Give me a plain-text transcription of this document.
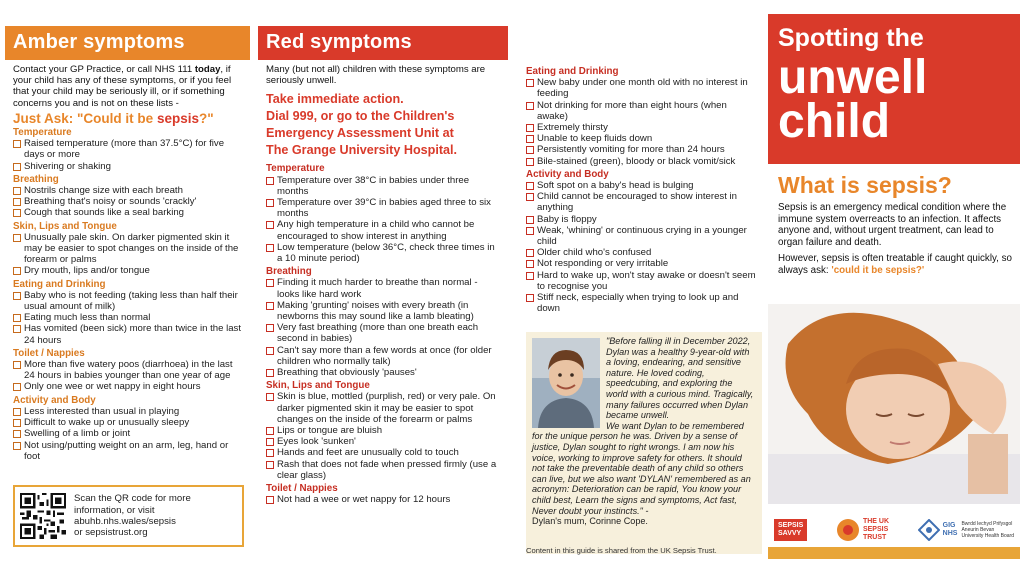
Amber symptoms

Contact your GP Practice, or call NHS 111 today, if your child has any of these symptoms, or if you feel that your child may be seriously ill, or if something concerns you and is not on these lists -

Just Ask: "Could it be sepsis?"
Temperature
Raised temperature (more than 37.5°C) for five days or more
Shivering or shaking
Breathing
Nostrils change size with each breath
Breathing that's noisy or sounds 'crackly'
Cough that sounds like a seal barking
Skin, Lips and Tongue
Unusually pale skin. On darker pigmented skin it may be easier to spot changes on the inside of the forearm or palms
Dry mouth, lips and/or tongue
Eating and Drinking
Baby who is not feeding (taking less than half their usual amount of milk)
Eating much less than normal
Has vomited (been sick) more than twice in the last 24 hours
Toilet / Nappies
More than five watery poos (diarrhoea) in the last 24 hours in babies younger than one year of age
Only one wee or wet nappy in eight hours
Activity and Body
Less interested than usual in playing
Difficult to wake up or unusually sleepy
Swelling of a limb or joint
Not using/putting weight on an arm, leg, hand or foot
Scan the QR code for more
information, or visit
abuhb.nhs.wales/sepsis
or sepsistrust.org
Red symptoms

Many (but not all) children with these symptoms are seriously unwell.

Take immediate action.
Dial 999, or go to the Children's
Emergency Assessment Unit at
The Grange University Hospital.
Temperature
Temperature over 38°C in babies under three months
Temperature over 39°C in babies aged three to six months
Any high temperature in a child who cannot be encouraged to show interest in anything
Low temperature (below 36°C, check three times in a 10 minute period)
Breathing
Finding it much harder to breathe than normal - looks like hard work
Making 'grunting' noises with every breath (in newborns this may sound like a lamb bleating)
Very fast breathing (more than one breath each second in babies)
Can't say more than a few words at once (for older children who normally talk)
Breathing that obviously 'pauses'
Skin, Lips and Tongue
Skin is blue, mottled (purplish, red) or very pale. On darker pigmented skin it may be easier to spot changes on the inside of the forearm or palms
Lips or tongue are bluish
Eyes look 'sunken'
Hands and feet are unusually cold to touch
Rash that does not fade when pressed firmly (use a clear glass)
Toilet / Nappies
Not had a wee or wet nappy for 12 hours
Eating and Drinking
New baby under one month old with no interest in feeding
Not drinking for more than eight hours (when awake)
Extremely thirsty
Unable to keep fluids down
Persistently vomiting for more than 24 hours
Bile-stained (green), bloody or black vomit/sick
Activity and Body
Soft spot on a baby's head is bulging
Child cannot be encouraged to show interest in anything
Baby is floppy
Weak, 'whining' or continuous crying in a younger child
Older child who's confused
Not responding or very irritable
Hard to wake up, won't stay awake or doesn't seem to recognise you
Stiff neck, especially when trying to look up and down
"Before falling ill in December 2022, Dylan was a healthy 9-year-old with a loving, endearing, and sensitive nature. He loved coding, speedcubing, and exploring the world with a curious mind. Tragically, many failures occurred when Dylan became unwell.
We want Dylan to be remembered for the unique person he was. Driven by a sense of justice, Dylan sought to right wrongs. I am now his voice, working to improve safety for others. It should not take the preventable death of any child so others can live, but we also want 'DYLAN' remembered as an acronym: Deterioration can be rapid, You know your child best, Learn the signs and symptoms, Act fast, Never doubt your instincts." -
Dylan's mum, Corinne Cope.
Content in this guide is shared from the UK Sepsis Trust.
Spotting the
unwell
child
What is sepsis?

Sepsis is an emergency medical condition where the immune system overreacts to an infection. It affects anyone and, without urgent treatment, can lead to organ failure and death.

However, sepsis is often treatable if caught quickly, so always ask: 'could it be sepsis?'

SEPSIS
SAVVY
THE UK
SEPSIS
TRUST
GIG
NHS
Bwrdd Iechyd Prifysgol
Aneurin Bevan
University Health Board
